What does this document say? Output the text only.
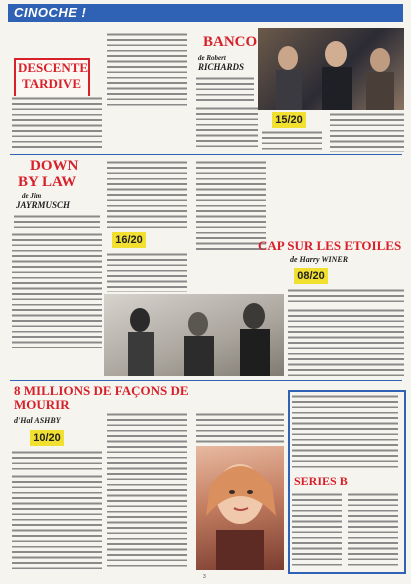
CINOCHE !
DESCENTE
TARDIVE
BANCO
de Robert
RICHARDS
15/20
DOWN
BY LAW
de Jim
JAYRMUSCH
16/20	CAP SUR LES ETOILES
de Harry WINER
08/20
8 MILLIONS DE FAÇONS DE
MOURIR
d'Hal ASHBY
10/20
SERIES B
3
